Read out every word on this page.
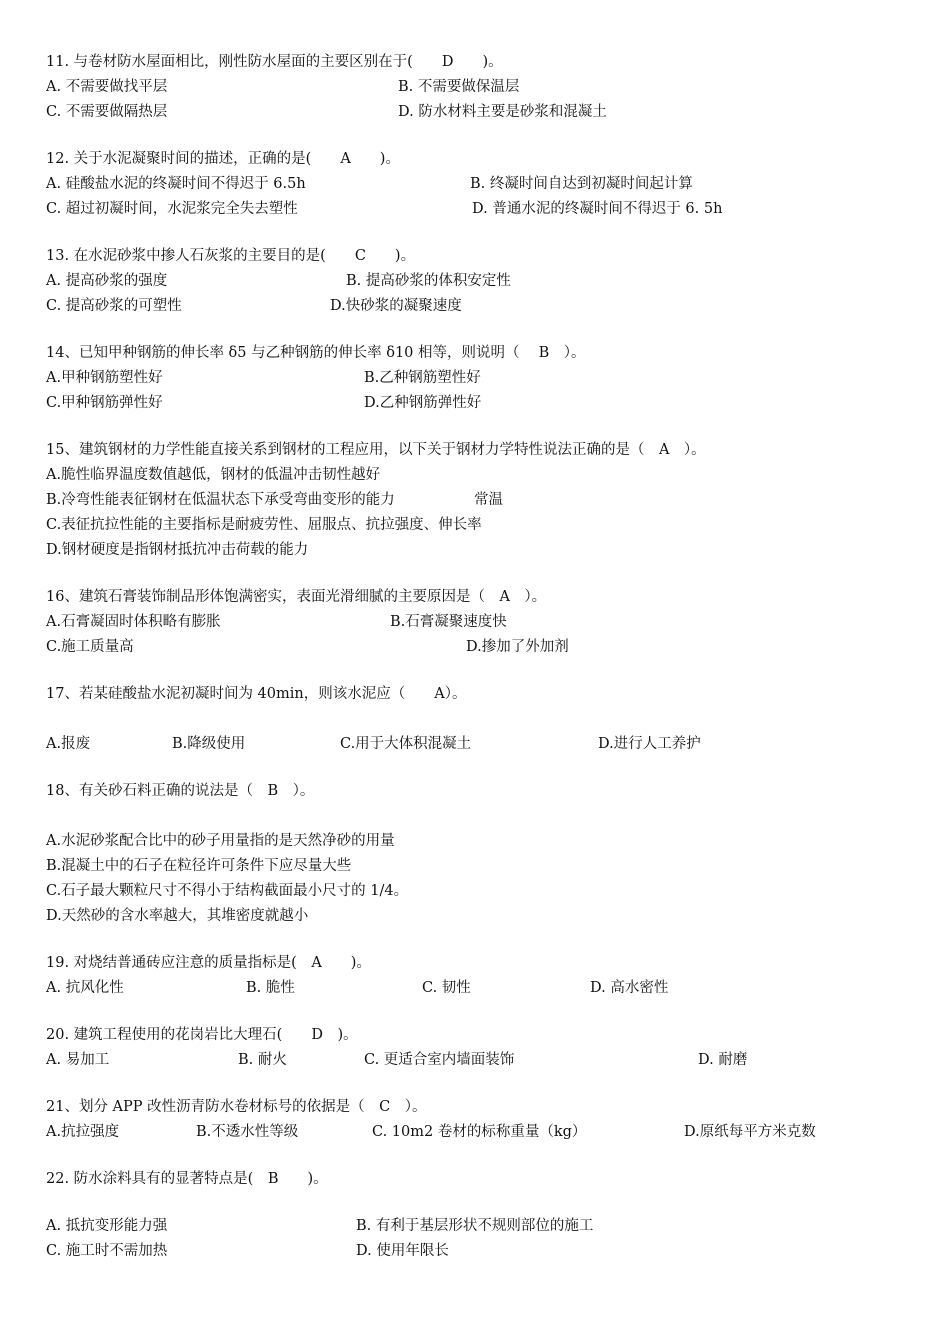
11. 与卷材防水屋面相比，刚性防水屋面的主要区别在于(　　D　　)。
A. 不需要做找平层	B. 不需要做保温层
C. 不需要做隔热层	D. 防水材料主要是砂浆和混凝土
12. 关于水泥凝聚时间的描述，正确的是(　　A　　)。
A. 硅酸盐水泥的终凝时间不得迟于 6.5h	B. 终凝时间自达到初凝时间起计算
C. 超过初凝时间，水泥浆完全失去塑性	D. 普通水泥的终凝时间不得迟于 6. 5h
13. 在水泥砂浆中掺人石灰浆的主要目的是(　　C　　)。
A. 提高砂浆的强度	B. 提高砂浆的体积安定性
C. 提高砂浆的可塑性	D.快砂浆的凝聚速度
14、已知甲种钢筋的伸长率 δ5 与乙种钢筋的伸长率 δ10 相等，则说明（　 B　）。
A.甲种钢筋塑性好	B.乙种钢筋塑性好
C.甲种钢筋弹性好	D.乙种钢筋弹性好
15、建筑钢材的力学性能直接关系到钢材的工程应用，以下关于钢材力学特性说法正确的是（　A　）。
A.脆性临界温度数值越低，钢材的低温冲击韧性越好
B.冷弯性能表征钢材在低温状态下承受弯曲变形的能力	常温
C.表征抗拉性能的主要指标是耐疲劳性、屈服点、抗拉强度、伸长率
D.钢材硬度是指钢材抵抗冲击荷载的能力
16、建筑石膏装饰制品形体饱满密实，表面光滑细腻的主要原因是（　A　）。
A.石膏凝固时体积略有膨胀	B.石膏凝聚速度快
C.施工质量高	D.掺加了外加剂
17、若某硅酸盐水泥初凝时间为 40min，则该水泥应（　　A）。
A.报废	B.降级使用	C.用于大体积混凝土	D.进行人工养护
18、有关砂石料正确的说法是（　B　）。
A.水泥砂浆配合比中的砂子用量指的是天然净砂的用量
B.混凝土中的石子在粒径许可条件下应尽量大些
C.石子最大颗粒尺寸不得小于结构截面最小尺寸的 1/4。
D.天然砂的含水率越大，其堆密度就越小
19. 对烧结普通砖应注意的质量指标是(　A　　)。
A. 抗风化性	B. 脆性	C. 韧性	D. 高水密性
20. 建筑工程使用的花岗岩比大理石(　　D　)。
A. 易加工	B. 耐火	C. 更适合室内墙面装饰	D. 耐磨
21、划分 APP 改性沥青防水卷材标号的依据是（　C　）。
A.抗拉强度	B.不透水性等级	C. 10m2 卷材的标称重量（kg）	D.原纸每平方米克数
22. 防水涂料具有的显著特点是(　B　　)。
A. 抵抗变形能力强	B. 有利于基层形状不规则部位的施工
C. 施工时不需加热	D. 使用年限长
